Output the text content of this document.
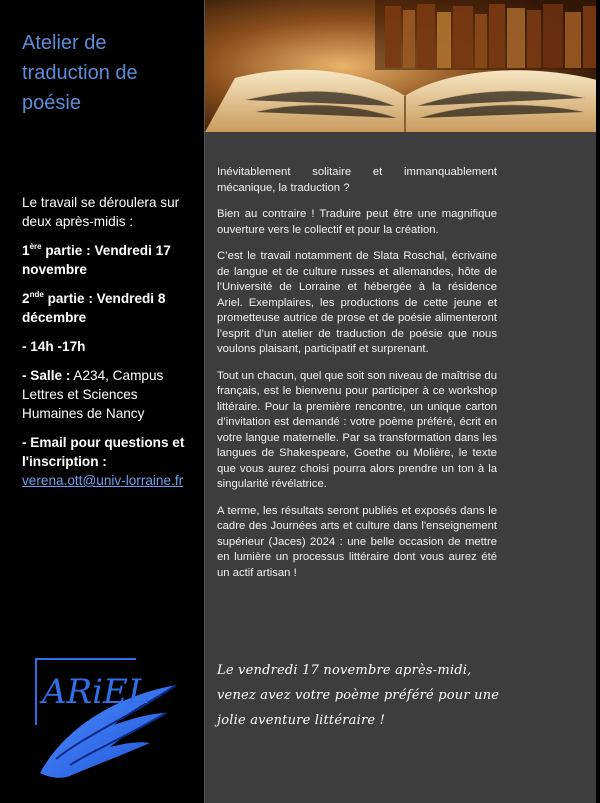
Atelier de traduction de poésie

Le travail se déroulera sur deux après-midis :

1ère partie : Vendredi 17 novembre

2nde partie : Vendredi 8 décembre

- 14h -17h

- Salle : A234, Campus Lettres et Sciences Humaines de Nancy

- Email pour questions et l'inscription :
verena.ott@univ-lorraine.fr

ARiEL

Inévitablement solitaire et immanquablement mécanique, la traduction ?

Bien au contraire ! Traduire peut être une magnifique ouverture vers le collectif et pour la création.

C’est le travail notamment de Slata Roschal, écrivaine de langue et de culture russes et allemandes, hôte de l’Université de Lorraine et hébergée à la résidence Ariel. Exemplaires, les productions de cette jeune et prometteuse autrice de prose et de poésie alimenteront l’esprit d’un atelier de traduction de poésie que nous voulons plaisant, participatif et surprenant.

Tout un chacun, quel que soit son niveau de maîtrise du français, est le bienvenu pour participer à ce workshop littéraire. Pour la première rencontre, un unique carton d’invitation est demandé : votre poème préféré, écrit en votre langue maternelle. Par sa transformation dans les langues de Shakespeare, Goethe ou Molière, le texte que vous aurez choisi pourra alors prendre un ton à la singularité révélatrice.

A terme, les résultats seront publiés et exposés dans le cadre des Journées arts et culture dans l'enseignement supérieur (Jaces) 2024 : une belle occasion de mettre en lumière un processus littéraire dont vous aurez été un actif artisan !

Le vendredi 17 novembre après-midi, venez avez votre poème préféré pour une jolie aventure littéraire !
